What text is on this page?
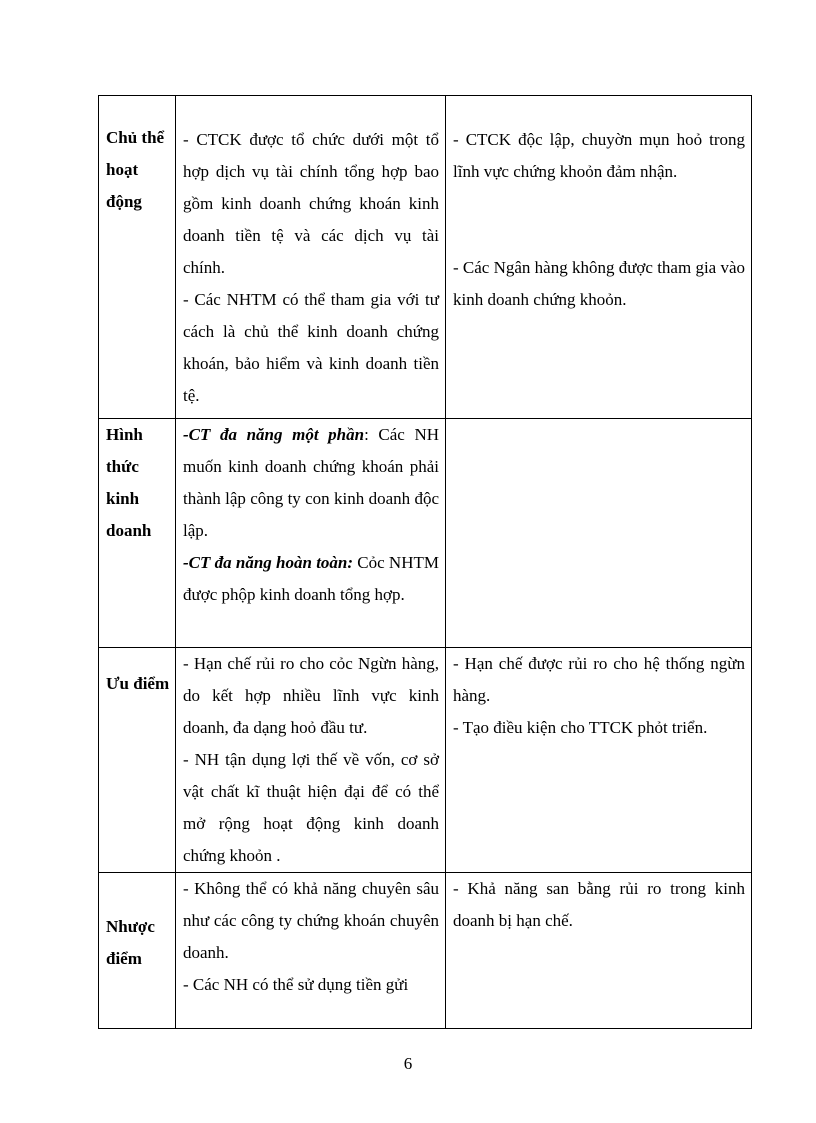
Chủ thể hoạt động	- CTCK được tổ chức dưới một tổ hợp dịch vụ tài chính tổng hợp bao gồm kinh doanh chứng khoán kinh doanh tiền tệ và các dịch vụ tài chính.
- Các NHTM có thể tham gia với tư cách là chủ thể kinh doanh chứng khoán, bảo hiểm và kinh doanh tiền tệ.	- CTCK độc lập, chuyờn mụn hoỏ trong lĩnh vực chứng khoỏn đảm nhận.
- Các Ngân hàng không được tham gia vào kinh doanh chứng khoỏn.

Hình thức kinh doanh	-CT đa năng một phần: Các NH muốn kinh doanh chứng khoán phải thành lập công ty con kinh doanh độc lập.
-CT đa năng hoàn toàn: Cỏc NHTM được phộp kinh doanh tổng hợp.	

Ưu điểm	- Hạn chế rủi ro cho cỏc Ngừn hàng, do kết hợp nhiều lĩnh vực kinh doanh, đa dạng hoỏ đầu tư.
- NH tận dụng lợi thế về vốn, cơ sở vật chất kĩ thuật hiện đại để có thể mở rộng hoạt động kinh doanh chứng khoỏn .	- Hạn chế được rủi ro cho hệ thống ngừn hàng.
- Tạo điều kiện cho TTCK phỏt triển.

Nhược điểm	- Không thể có khả năng chuyên sâu như các công ty chứng khoán chuyên doanh.
- Các NH có thể sử dụng tiền gửi	- Khả năng san bằng rủi ro trong kinh doanh bị hạn chế.
6
